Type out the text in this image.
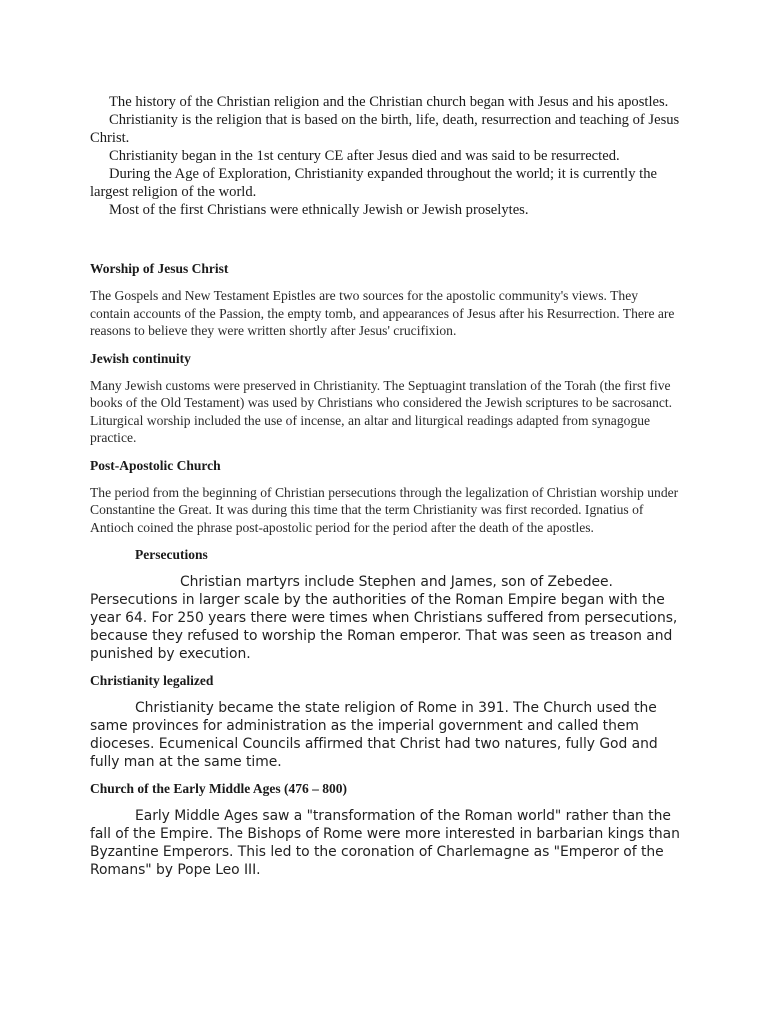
The history of the Christian religion and the Christian church began with Jesus and his apostles.

Christianity is the religion that is based on the birth, life, death, resurrection and teaching of Jesus Christ.

Christianity began in the 1st century CE after Jesus died and was said to be resurrected.

During the Age of Exploration, Christianity expanded throughout the world; it is currently the largest religion of the world.

Most of the first Christians were ethnically Jewish or Jewish proselytes.

Worship of Jesus Christ

The Gospels and New Testament Epistles are two sources for the apostolic community's views. They contain accounts of the Passion, the empty tomb, and appearances of Jesus after his Resurrection. There are reasons to believe they were written shortly after Jesus' crucifixion.

Jewish continuity

Many Jewish customs were preserved in Christianity. The Septuagint translation of the Torah (the first five books of the Old Testament) was used by Christians who considered the Jewish scriptures to be sacrosanct. Liturgical worship included the use of incense, an altar and liturgical readings adapted from synagogue practice.

Post-Apostolic Church

The period from the beginning of Christian persecutions through the legalization of Christian worship under Constantine the Great. It was during this time that the term Christianity was first recorded. Ignatius of Antioch coined the phrase post-apostolic period for the period after the death of the apostles.

Persecutions

Christian martyrs include Stephen and James, son of Zebedee. Persecutions in larger scale by the authorities of the Roman Empire began with the year 64. For 250 years there were times when Christians suffered from persecutions, because they refused to worship the Roman emperor. That was seen as treason and punished by execution.

Christianity legalized

Christianity became the state religion of Rome in 391. The Church used the same provinces for administration as the imperial government and called them dioceses. Ecumenical Councils affirmed that Christ had two natures, fully God and fully man at the same time.

Church of the Early Middle Ages (476 – 800)

Early Middle Ages saw a "transformation of the Roman world" rather than the fall of the Empire. The Bishops of Rome were more interested in barbarian kings than Byzantine Emperors. This led to the coronation of Charlemagne as "Emperor of the Romans" by Pope Leo III.
